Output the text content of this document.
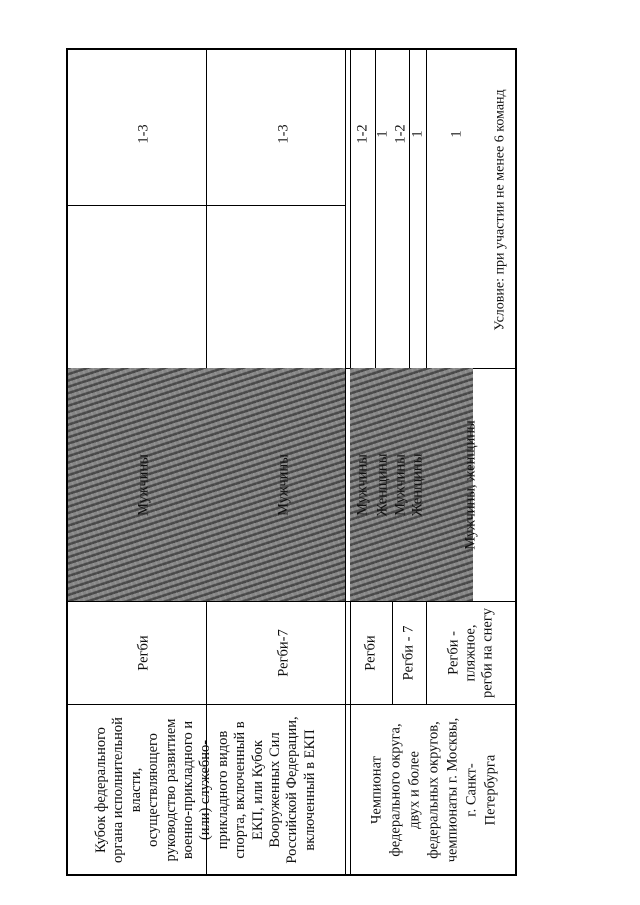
Кубок федерального органа исполнительной власти, осуществляющего руководство развитием военно-прикладного и (или) служебно- прикладного видов спорта, включенный в ЕКП, или Кубок Вооруженных Сил Российской Федерации, включенный в ЕКП
Регби
Мужчины
1-3
Регби-7
Мужчины
1-3
Чемпионат федерального округа, двух и более федеральных округов, чемпионаты г. Москвы, г. Санкт- Петербурга
Регби
Мужчины Женщины
1-2 1
Регби - 7
Мужчины Женщины
1-2 1
Регби - пляжное, регби на снегу
Мужчины, женщины
1 Условие: при участии не менее 6 команд
